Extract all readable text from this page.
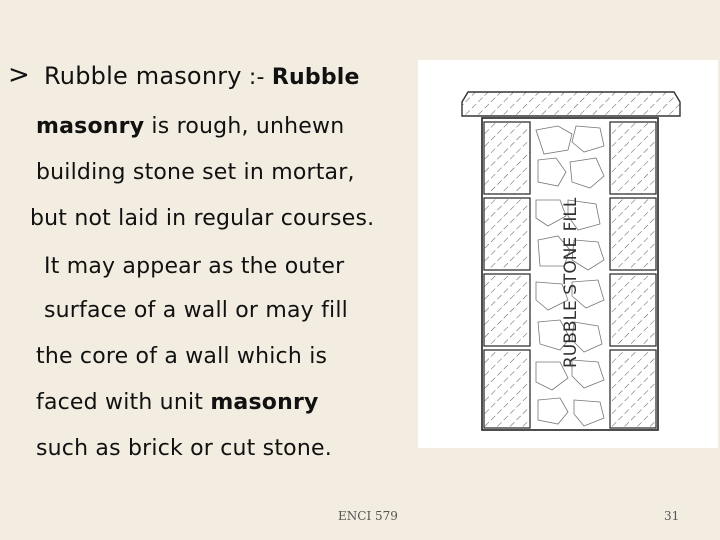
> Rubble masonry :- Rubble
masonry is rough, unhewn
building stone set in mortar,
but not laid in regular courses.
It may appear as the outer
surface of a wall or may fill
the core of a wall which is
faced with unit masonry
such as brick or cut stone.
RUBBLE STONE FILL
ENCI 579	31
